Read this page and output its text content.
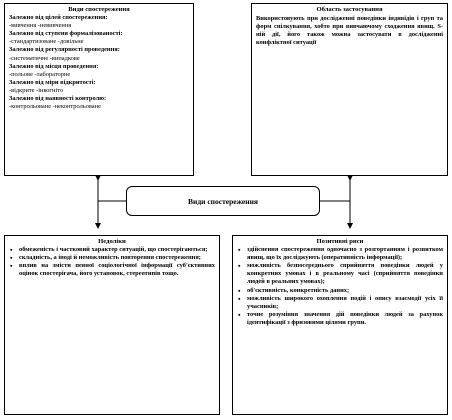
Види спостереження
Залежно від цілей спостереження:
-вивчення -невивчення
Залежно від ступеня формалізованості:
-стандартизоване -довільне
Залежно від регулярності проведення:
-систематичне -випадкове
Залежно від місця проведення:
-польове -лабораторне
Залежно від міри відкритості:
-відкрите -інкогніто
Залежно від наявності контролю:
-контрольоване -неконтрольоване
Область застосування
Використовують при дослідженні поведінки індивідів і груп та форм спілкування, хобто при вивчаючому сходження явищ. S-ній дії, його також можна застосувати в дослідженні конфліктної ситуації
Види спостереження
Недоліки
▪ обмеженість і частковий характер ситуацій, що спостерігаються;
▪ складність, а іноді й неможливість повторення спостереження;
▪ вплив на змісти певної соціологічної інформації суб'єктивних оцінок спостерігача, його установок, стереотипів тощо.
Позитивні риси
▪ здійснення спостереження одночасно з розгортанням і розвитком явищ, що їх досліджують (оперативність інформації);
▪ можливість безпосереднього сприйняття поведінки людей у конкретних умовах і в реальному часі (сприйняття поведінки людей в реальних умовах);
▪ об'єктивність, конкретність даних;
▪ можливість широкого охоплення подій і опису взаємодії усіх її учасників;
▪ точне розуміння значення дій поведінки людей за рахунок ідентифікації з фризовими цілями групи.
